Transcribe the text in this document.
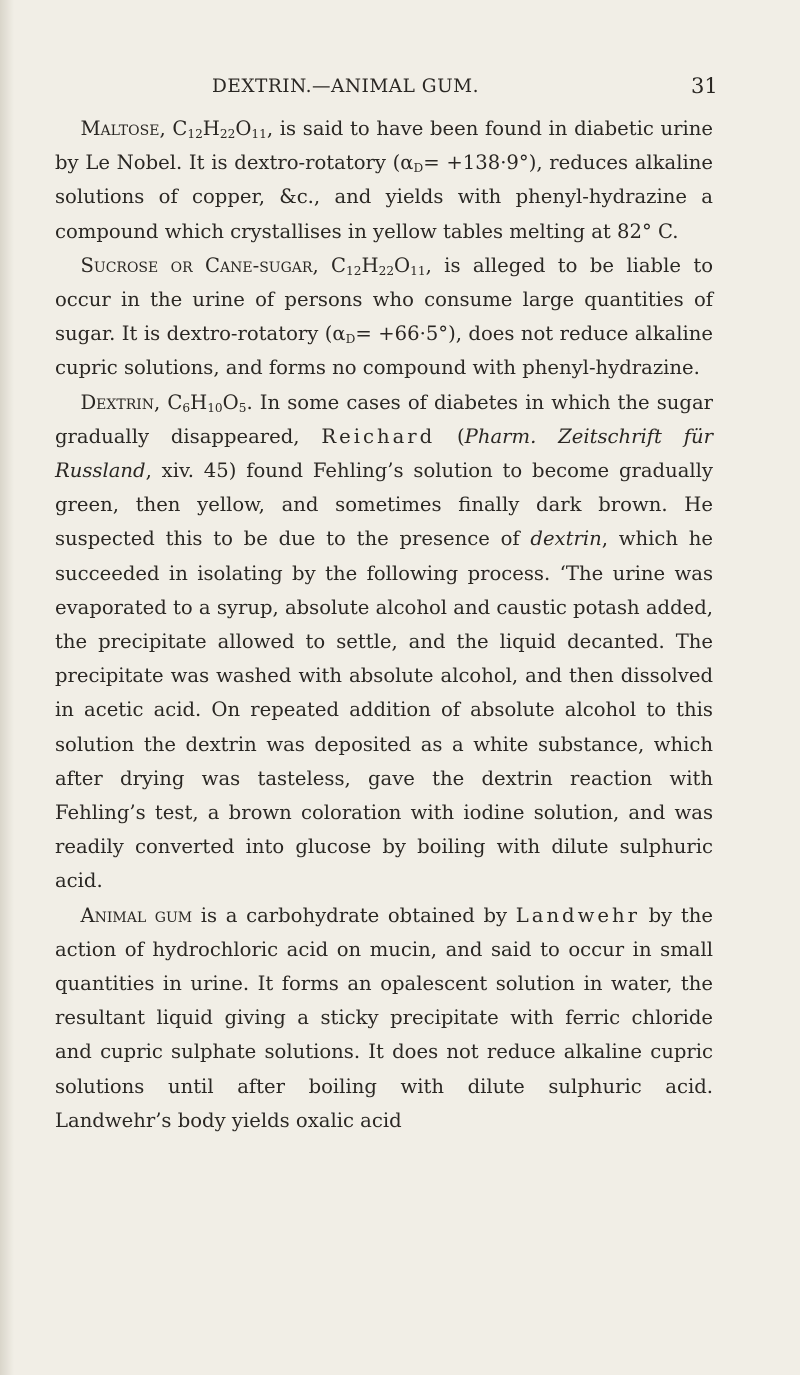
DEXTRIN.—ANIMAL GUM.	31

Maltose, $C_{12}H_{22}O_{11}$, is said to have been found in diabetic urine by Le Nobel. It is dextro-rotatory $(\alpha_D= +138\cdot 9^\circ)$, reduces alkaline solutions of copper, &c., and yields with phenyl-hydrazine a compound which crystallises in yellow tables melting at 82° C.

Sucrose or Cane-sugar, $C_{12}H_{22}O_{11}$, is alleged to be liable to occur in the urine of persons who consume large quantities of sugar. It is dextro-rotatory $(\alpha_D= +66\cdot 5^\circ)$, does not reduce alkaline cupric solutions, and forms no compound with phenyl-hydrazine.

Dextrin, $C_6H_{10}O_5$. In some cases of diabetes in which the sugar gradually disappeared, Reichard (Pharm. Zeitschrift für Russland, xiv. 45) found Fehling’s solution to become gradually green, then yellow, and sometimes finally dark brown. He suspected this to be due to the presence of dextrin, which he succeeded in isolating by the following process. ‘The urine was evaporated to a syrup, absolute alcohol and caustic potash added, the precipitate allowed to settle, and the liquid decanted. The precipitate was washed with absolute alcohol, and then dissolved in acetic acid. On repeated addition of absolute alcohol to this solution the dextrin was deposited as a white substance, which after drying was tasteless, gave the dextrin reaction with Fehling’s test, a brown coloration with iodine solution, and was readily converted into glucose by boiling with dilute sulphuric acid.

Animal gum is a carbohydrate obtained by Landwehr by the action of hydrochloric acid on mucin, and said to occur in small quantities in urine. It forms an opalescent solution in water, the resultant liquid giving a sticky precipitate with ferric chloride and cupric sulphate solutions. It does not reduce alkaline cupric solutions until after boiling with dilute sulphuric acid. Landwehr’s body yields oxalic acid
